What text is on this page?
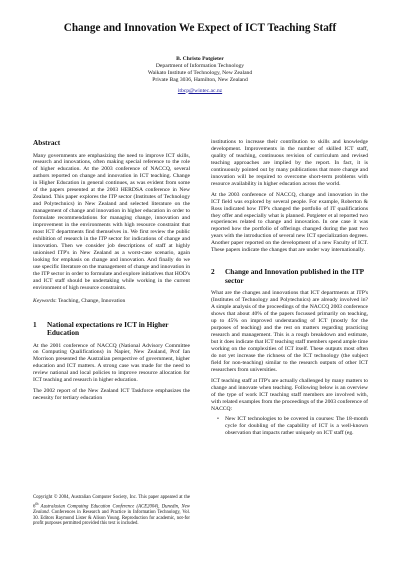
Change and Innovation We Expect of ICT Teaching Staff
B. Christo Potgieter
Department of Information Technology
Waikato Institute of Technology, New Zealand
Private Bag 3036, Hamilton, New Zealand
itbcp@wintec.ac.nz
Abstract

Many governments are emphasizing the need to improve ICT skills, research and innovations, often making special reference to the role of higher education. At the 2003 conference of NACCQ, several authors reported on change and innovation in ICT teaching. Change in Higher Education in general continues, as was evident from some of the papers presented at the 2003 HERDSA conference in New Zealand. This paper explores the ITP sector (Institutes of Technology and Polytechnics) in New Zealand and selected literature on the management of change and innovation in higher education in order to formulate recommendations for managing change, innovation and improvement in the environments with high resource constraint that most ICT departments find themselves in. We first review the public exhibition of research in the ITP sector for indications of change and innovation. Then we consider job descriptions of staff at highly unionised ITP's in New Zealand as a worst-case scenario, again looking for emphasis on change and innovation. And finally do we use specific literature on the management of change and innovation in the ITP sector in order to formulate and explore initiatives that HOD's and ICT staff should be undertaking while working in the current environment of high resource constraints.

Keywords: Teaching, Change, Innovation

1	National expectations re ICT in Higher Education

At the 2001 conference of NACCQ (National Advisory Committee on Computing Qualifications) in Napier, New Zealand, Prof Ian Morrison presented the Australian perspective of government, higher education and ICT matters. A strong case was made for the need to review national and local policies to improve resource allocation for ICT teaching and research in higher education.

The 2002 report of the New Zealand ICT Taskforce emphasizes the necessity for tertiary education

Copyright © 2004, Australian Computer Society, Inc. This paper appeared at the 6th Australasian Computing Education Conference (ACE2004), Dunedin, New Zealand. Conferences in Research and Practice in Information Technology, Vol. 30. Editors Raymond Lister & Alison Young. Reproduction for academic, not-for profit purposes permitted provided this text is included.

institutions to increase their contribution to skills and knowledge development. Improvements in the number of skilled ICT staff, quality of teaching, continuous revision of curriculum and revised teaching approaches are implied by the report. In fact, it is continuously pointed out by many publications that more change and innovation will be required to overcome short-term problems with resource availability in higher education across the world.

At the 2003 conference of NACCQ, change and innovation in the ICT field was explored by several people. For example, Roberton & Ross indicated how ITP's changed the portfolio of IT qualifications they offer and especially what is planned. Potgieter et al reported two experiences related to change and innovation. In one case it was reported how the portfolio of offerings changed during the past two years with the introduction of several new ICT specialization degrees. Another paper reported on the development of a new Faculty of ICT. These papers indicate the changes that are under way internationally.

2	Change and Innovation published in the ITP sector

What are the changes and innovations that ICT departments at ITP's (Institutes of Technology and Polytechnics) are already involved in? A simple analysis of the proceedings of the NACCQ 2003 conference shows that about 40% of the papers focussed primarily on teaching, up to 45% on improved understanding of ICT (mostly for the purposes of teaching) and the rest on matters regarding practicing research and management. This is a rough breakdown and estimate, but it does indicate that ICT teaching staff members spend ample time working on the complexities of ICT itself. These outputs most often do not yet increase the richness of the ICT technology (the subject field for non-teaching) similar to the research outputs of other ICT researchers from universities.

ICT teaching staff at ITP's are actually challenged by many matters to change and innovate when teaching. Following below is an overview of the type of work ICT teaching staff members are involved with, with related examples from the proceedings of the 2003 conference of NACCQ:

• New ICT technologies to be covered in courses: The 18-month cycle for doubling of the capability of ICT is a well-known observation that impacts rather uniquely on ICT staff (eg.
